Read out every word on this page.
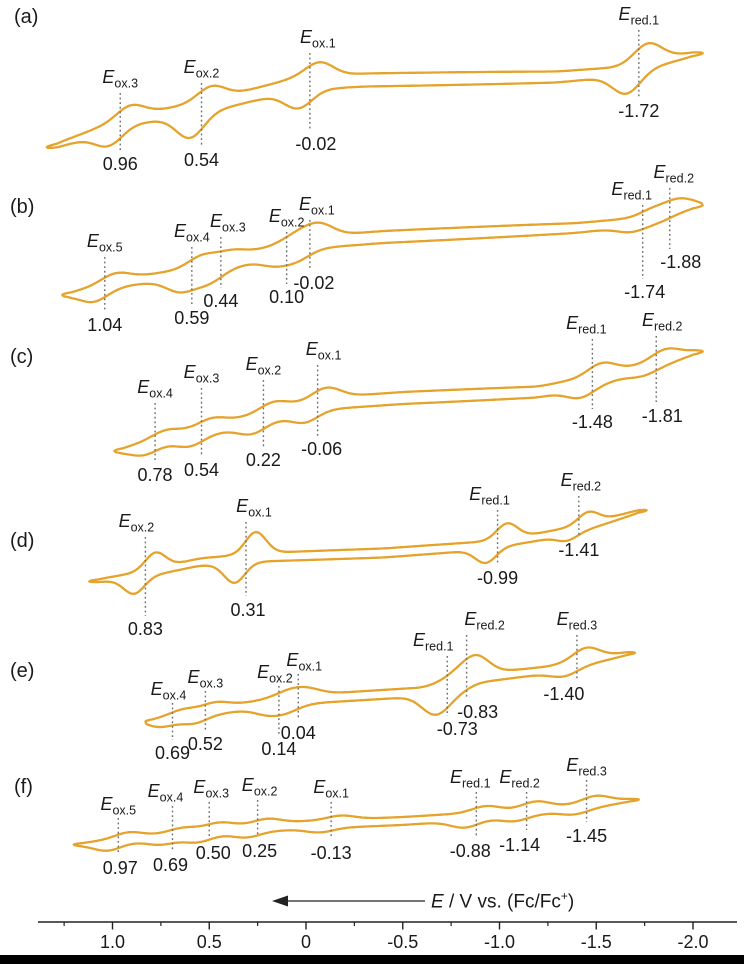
$E_{ox.3}$
0.96
$E_{ox.2}$
0.54
$E_{ox.1}$
-0.02
$E_{red.1}$
-1.72
(a)
$E_{ox.5}$
1.04
$E_{ox.4}$
0.59
$E_{ox.3}$
0.44
$E_{ox.2}$
0.10
$E_{ox.1}$
-0.02
$E_{red.1}$
-1.74
$E_{red.2}$
-1.88
(b)
$E_{ox.4}$
0.78
$E_{ox.3}$
0.54
$E_{ox.2}$
0.22
$E_{ox.1}$
-0.06
$E_{red.1}$
-1.48
$E_{red.2}$
-1.81
(c)
$E_{ox.2}$
0.83
$E_{ox.1}$
0.31
$E_{red.1}$
-0.99
$E_{red.2}$
-1.41
(d)
$E_{ox.4}$
0.69
$E_{ox.3}$
0.52
$E_{ox.2}$
0.14
$E_{ox.1}$
0.04
$E_{red.1}$
-0.73
$E_{red.2}$
-0.83
$E_{red.3}$
-1.40
(e)
$E_{ox.5}$
0.97
$E_{ox.4}$
0.69
$E_{ox.3}$
0.50
$E_{ox.2}$
0.25
$E_{ox.1}$
-0.13
$E_{red.1}$
-0.88
$E_{red.2}$
-1.14
$E_{red.3}$
-1.45
(f)
1.0	0.5	0	-0.5	-1.0	-1.5	-2.0
E / V vs. (Fc/Fc+)
